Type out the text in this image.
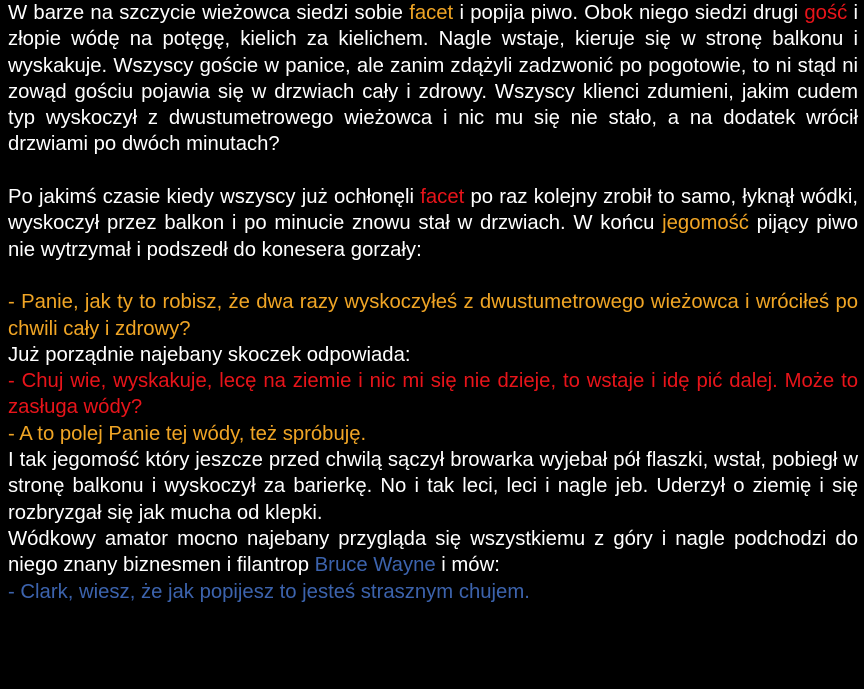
W barze na szczycie wieżowca siedzi sobie facet i popija piwo. Obok niego siedzi drugi gość i złopie wódę na potęgę, kielich za kielichem. Nagle wstaje, kieruje się w stronę balkonu i wyskakuje. Wszyscy goście w panice, ale zanim zdążyli zadzwonić po pogotowie, to ni stąd ni zowąd gościu pojawia się w drzwiach cały i zdrowy. Wszyscy klienci zdumieni, jakim cudem typ wyskoczył z dwustumetrowego wieżowca i nic mu się nie stało, a na dodatek wrócił drzwiami po dwóch minutach?

Po jakimś czasie kiedy wszyscy już ochłonęli facet po raz kolejny zrobił to samo, łyknął wódki, wyskoczył przez balkon i po minucie znowu stał w drzwiach. W końcu jegomość pijący piwo nie wytrzymał i podszedł do konesera gorzały:

- Panie, jak ty to robisz, że dwa razy wyskoczyłeś z dwustumetrowego wieżowca i wróciłeś po chwili cały i zdrowy?

Już porządnie najebany skoczek odpowiada:

- Chuj wie, wyskakuje, lecę na ziemie i nic mi się nie dzieje, to wstaje i idę pić dalej. Może to zasługa wódy?

- A to polej Panie tej wódy, też spróbuję.

I tak jegomość który jeszcze przed chwilą sączył browarka wyjebał pół flaszki, wstał, pobiegł w stronę balkonu i wyskoczył za barierkę. No i tak leci, leci i nagle jeb. Uderzył o ziemię i się rozbryzgał się jak mucha od klepki.

Wódkowy amator mocno najebany przygląda się wszystkiemu z góry i nagle podchodzi do niego znany biznesmen i filantrop Bruce Wayne i mów:

- Clark, wiesz, że jak popijesz to jesteś strasznym chujem.
